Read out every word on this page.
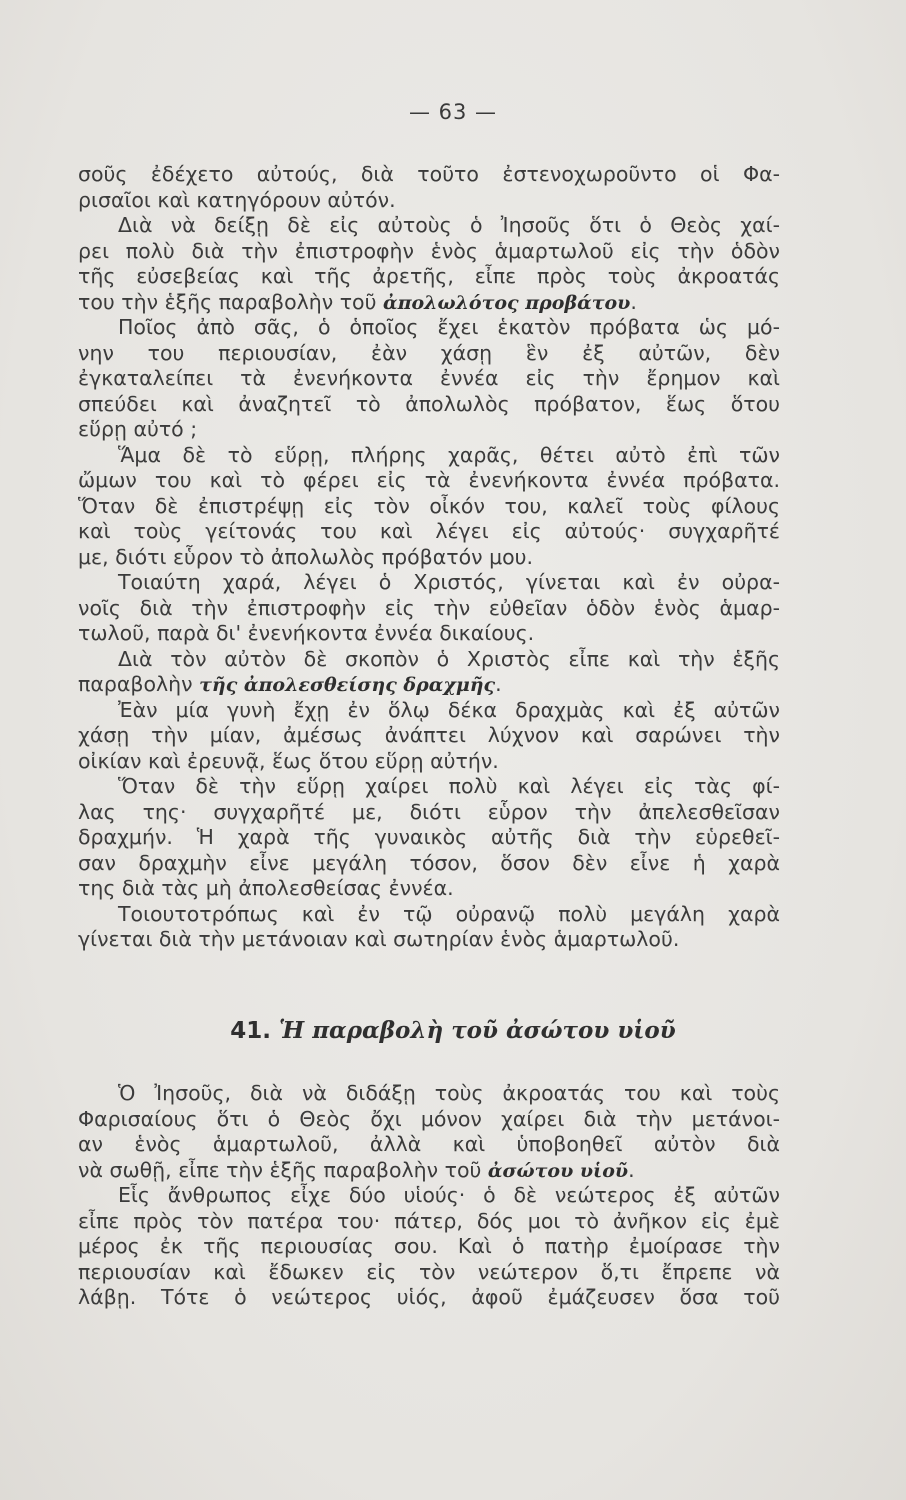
— 63 —
σοῦς ἐδέχετο αὐτούς, διὰ τοῦτο ἐστενοχωροῦντο οἱ Φα-
ρισαῖοι καὶ κατηγόρουν αὐτόν.
Διὰ νὰ δείξῃ δὲ εἰς αὐτοὺς ὁ Ἰησοῦς ὅτι ὁ Θεὸς χαί-
ρει πολὺ διὰ τὴν ἐπιστροφὴν ἑνὸς ἁμαρτωλοῦ εἰς τὴν ὁδὸν
τῆς εὐσεβείας καὶ τῆς ἀρετῆς, εἶπε πρὸς τοὺς ἀκροατάς
του τὴν ἑξῆς παραβολὴν τοῦ ἀπολωλότος προβάτου.
Ποῖος ἀπὸ σᾶς, ὁ ὁποῖος ἔχει ἑκατὸν πρόβατα ὡς μό-
νην του περιουσίαν, ἐὰν χάσῃ ἓν ἐξ αὐτῶν, δὲν
ἐγκαταλείπει τὰ ἐνενήκοντα ἐννέα εἰς τὴν ἔρημον καὶ
σπεύδει καὶ ἀναζητεῖ τὸ ἀπολωλὸς πρόβατον, ἕως ὅτου
εὕρῃ αὐτό ;
Ἅμα δὲ τὸ εὕρῃ, πλήρης χαρᾶς, θέτει αὐτὸ ἐπὶ τῶν
ὤμων του καὶ τὸ φέρει εἰς τὰ ἐνενήκοντα ἐννέα πρόβατα.
Ὅταν δὲ ἐπιστρέψῃ εἰς τὸν οἶκόν του, καλεῖ τοὺς φίλους
καὶ τοὺς γείτονάς του καὶ λέγει εἰς αὐτούς· συγχαρῆτέ
με, διότι εὗρον τὸ ἀπολωλὸς πρόβατόν μου.
Τοιαύτη χαρά, λέγει ὁ Χριστός, γίνεται καὶ ἐν οὐρα-
νοῖς διὰ τὴν ἐπιστροφὴν εἰς τὴν εὐθεῖαν ὁδὸν ἑνὸς ἁμαρ-
τωλοῦ, παρὰ δι' ἐνενήκοντα ἐννέα δικαίους.
Διὰ τὸν αὐτὸν δὲ σκοπὸν ὁ Χριστὸς εἶπε καὶ τὴν ἑξῆς
παραβολὴν τῆς ἀπολεσθείσης δραχμῆς.
Ἐὰν μία γυνὴ ἔχῃ ἐν ὅλῳ δέκα δραχμὰς καὶ ἐξ αὐτῶν
χάσῃ τὴν μίαν, ἀμέσως ἀνάπτει λύχνον καὶ σαρώνει τὴν
οἰκίαν καὶ ἐρευνᾷ, ἕως ὅτου εὕρῃ αὐτήν.
Ὅταν δὲ τὴν εὕρῃ χαίρει πολὺ καὶ λέγει εἰς τὰς φί-
λας της· συγχαρῆτέ με, διότι εὗρον τὴν ἀπελεσθεῖσαν
δραχμήν. Ἡ χαρὰ τῆς γυναικὸς αὐτῆς διὰ τὴν εὑρεθεῖ-
σαν δραχμὴν εἶνε μεγάλη τόσον, ὅσον δὲν εἶνε ἡ χαρὰ
της διὰ τὰς μὴ ἀπολεσθείσας ἐννέα.
Τοιουτοτρόπως καὶ ἐν τῷ οὐρανῷ πολὺ μεγάλη χαρὰ
γίνεται διὰ τὴν μετάνοιαν καὶ σωτηρίαν ἑνὸς ἁμαρτωλοῦ.
41. Ἡ παραβολὴ τοῦ ἀσώτου υἱοῦ
Ὁ Ἰησοῦς, διὰ νὰ διδάξῃ τοὺς ἀκροατάς του καὶ τοὺς
Φαρισαίους ὅτι ὁ Θεὸς ὄχι μόνον χαίρει διὰ τὴν μετάνοι-
αν ἑνὸς ἁμαρτωλοῦ, ἀλλὰ καὶ ὑποβοηθεῖ αὐτὸν διὰ
νὰ σωθῇ, εἶπε τὴν ἑξῆς παραβολὴν τοῦ ἀσώτου υἱοῦ.
Εἷς ἄνθρωπος εἶχε δύο υἱούς· ὁ δὲ νεώτερος ἐξ αὐτῶν
εἶπε πρὸς τὸν πατέρα του· πάτερ, δός μοι τὸ ἀνῆκον εἰς ἐμὲ
μέρος ἐκ τῆς περιουσίας σου. Καὶ ὁ πατὴρ ἐμοίρασε τὴν
περιουσίαν καὶ ἔδωκεν εἰς τὸν νεώτερον ὅ,τι ἔπρεπε νὰ
λάβῃ. Τότε ὁ νεώτερος υἱός, ἀφοῦ ἐμάζευσεν ὅσα τοῦ
